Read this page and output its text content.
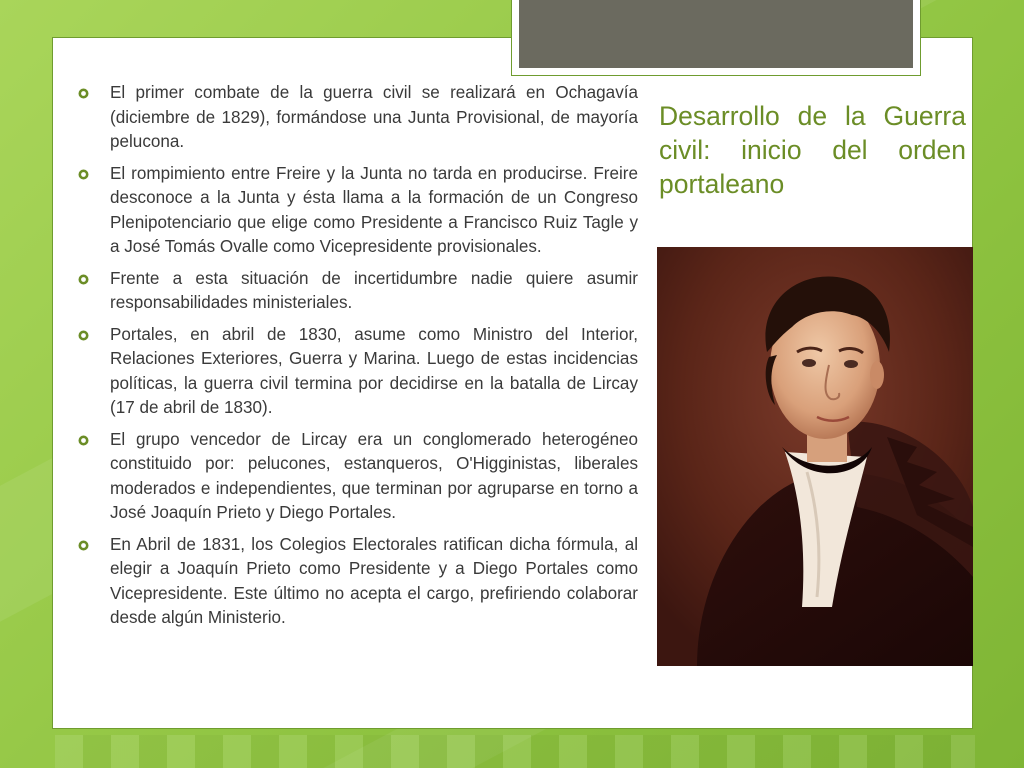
El primer combate de la guerra civil se realizará en Ochagavía (diciembre de 1829), formándose una Junta Provisional, de mayoría pelucona.
El rompimiento entre Freire y la Junta no tarda en producirse. Freire desconoce a la Junta y ésta llama a la formación de un Congreso Plenipotenciario que elige como Presidente a Francisco Ruiz Tagle y a José Tomás Ovalle como Vicepresidente provisionales.
Frente a esta situación de incertidumbre nadie quiere asumir responsabilidades ministeriales.
Portales, en abril de 1830, asume como Ministro del Interior, Relaciones Exteriores, Guerra y Marina. Luego de estas incidencias políticas, la guerra civil termina por decidirse en la batalla de Lircay (17 de abril de 1830).
El grupo vencedor de Lircay era un conglomerado heterogéneo constituido por: pelucones, estanqueros, O'Higginistas, liberales moderados e independientes, que terminan por agruparse en torno a José Joaquín Prieto y Diego Portales.
En Abril de 1831, los Colegios Electorales ratifican dicha fórmula, al elegir a Joaquín Prieto como Presidente y a Diego Portales como Vicepresidente. Este último no acepta el cargo, prefiriendo colaborar desde algún Ministerio.
Desarrollo de la Guerra civil: inicio del orden portaleano
